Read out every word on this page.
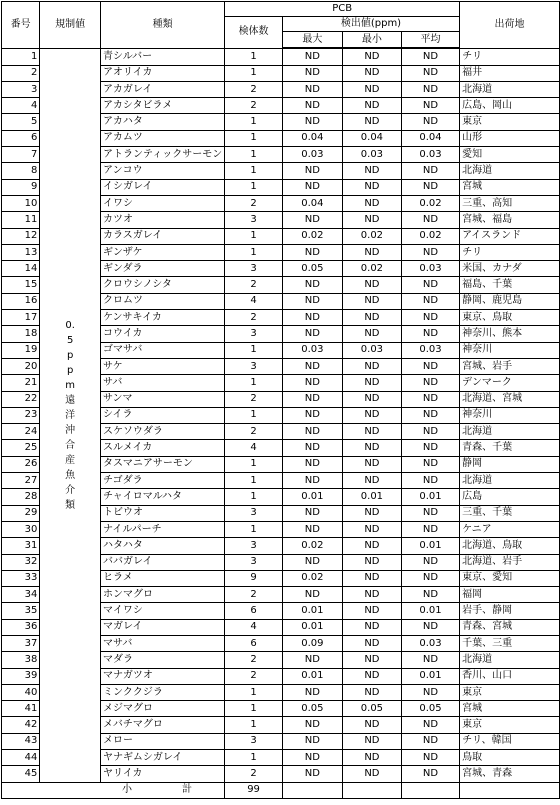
番号	規制値	種類	PCB				出荷地
			検体数	検出値(ppm)			
				最大	最小	平均	
1	0.5ppm遠洋沖合産魚介類	青シルバー	1	ND	ND	ND	チリ
2		アオリイカ	1	ND	ND	ND	福井
3		アカガレイ	2	ND	ND	ND	北海道
4		アカシタビラメ	2	ND	ND	ND	広島、岡山
5		アカハタ	1	ND	ND	ND	東京
6		アカムツ	1	0.04	0.04	0.04	山形
7		アトランティックサーモン	1	0.03	0.03	0.03	愛知
8		アンコウ	1	ND	ND	ND	北海道
9		イシガレイ	1	ND	ND	ND	宮城
10		イワシ	2	0.04	ND	0.02	三重、高知
11		カツオ	3	ND	ND	ND	宮城、福島
12		カラスガレイ	1	0.02	0.02	0.02	アイスランド
13		ギンザケ	1	ND	ND	ND	チリ
14		ギンダラ	3	0.05	0.02	0.03	米国、カナダ
15		クロウシノシタ	2	ND	ND	ND	福島、千葉
16		クロムツ	4	ND	ND	ND	静岡、鹿児島
17		ケンサキイカ	2	ND	ND	ND	東京、鳥取
18		コウイカ	3	ND	ND	ND	神奈川、熊本
19		ゴマサバ	1	0.03	0.03	0.03	神奈川
20		サケ	3	ND	ND	ND	宮城、岩手
21		サバ	1	ND	ND	ND	デンマーク
22		サンマ	2	ND	ND	ND	北海道、宮城
23		シイラ	1	ND	ND	ND	神奈川
24		スケソウダラ	2	ND	ND	ND	北海道
25		スルメイカ	4	ND	ND	ND	青森、千葉
26		タスマニアサーモン	1	ND	ND	ND	静岡
27		チゴダラ	1	ND	ND	ND	北海道
28		チャイロマルハタ	1	0.01	0.01	0.01	広島
29		トビウオ	3	ND	ND	ND	三重、千葉
30		ナイルパーチ	1	ND	ND	ND	ケニア
31		ハタハタ	3	0.02	ND	0.01	北海道、鳥取
32		ババガレイ	3	ND	ND	ND	北海道、岩手
33		ヒラメ	9	0.02	ND	ND	東京、愛知
34		ホンマグロ	2	ND	ND	ND	福岡
35		マイワシ	6	0.01	ND	0.01	岩手、静岡
36		マガレイ	4	0.01	ND	ND	青森、宮城
37		マサバ	6	0.09	ND	0.03	千葉、三重
38		マダラ	2	ND	ND	ND	北海道
39		マナガツオ	2	0.01	ND	0.01	香川、山口
40		ミンククジラ	1	ND	ND	ND	東京
41		メジマグロ	1	0.05	0.05	0.05	宮城
42		メバチマグロ	1	ND	ND	ND	東京
43		メロー	3	ND	ND	ND	チリ、韓国
44		ヤナギムシガレイ	1	ND	ND	ND	鳥取
45		ヤリイカ	2	ND	ND	ND	宮城、青森
小 計			99				
